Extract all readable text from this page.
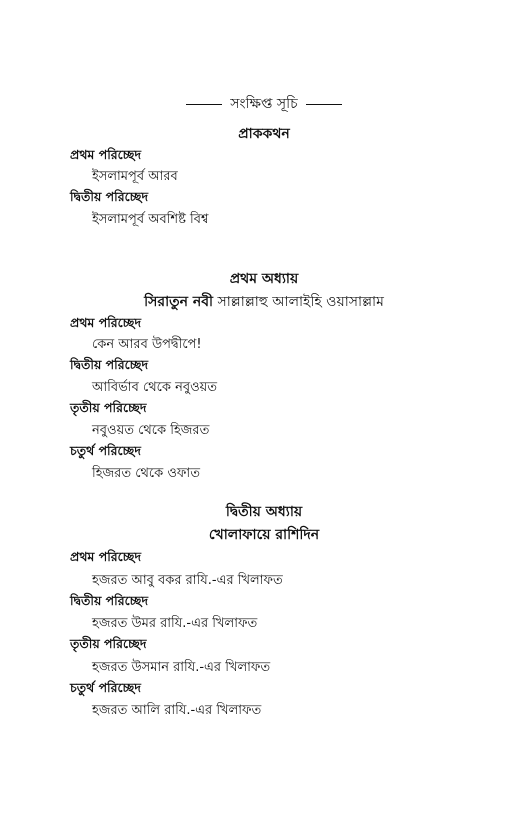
সংক্ষিপ্ত সূচি
প্রাককথন
প্রথম পরিচ্ছেদ
ইসলামপূর্ব আরব
দ্বিতীয় পরিচ্ছেদ
ইসলামপূর্ব অবশিষ্ট বিশ্ব
প্রথম অধ্যায়
সিরাতুন নবী সাল্লাল্লাহু আলাইহি ওয়াসাল্লাম
প্রথম পরিচ্ছেদ
কেন আরব উপদ্বীপে!
দ্বিতীয় পরিচ্ছেদ
আবির্ভাব থেকে নবুওয়ত
তৃতীয় পরিচ্ছেদ
নবুওয়ত থেকে হিজরত
চতুর্থ পরিচ্ছেদ
হিজরত থেকে ওফাত
দ্বিতীয় অধ্যায়
খোলাফায়ে রাশিদিন
প্রথম পরিচ্ছেদ
হজরত আবু বকর রাযি.-এর খিলাফত
দ্বিতীয় পরিচ্ছেদ
হজরত উমর রাযি.-এর খিলাফত
তৃতীয় পরিচ্ছেদ
হজরত উসমান রাযি.-এর খিলাফত
চতুর্থ পরিচ্ছেদ
হজরত আলি রাযি.-এর খিলাফত
